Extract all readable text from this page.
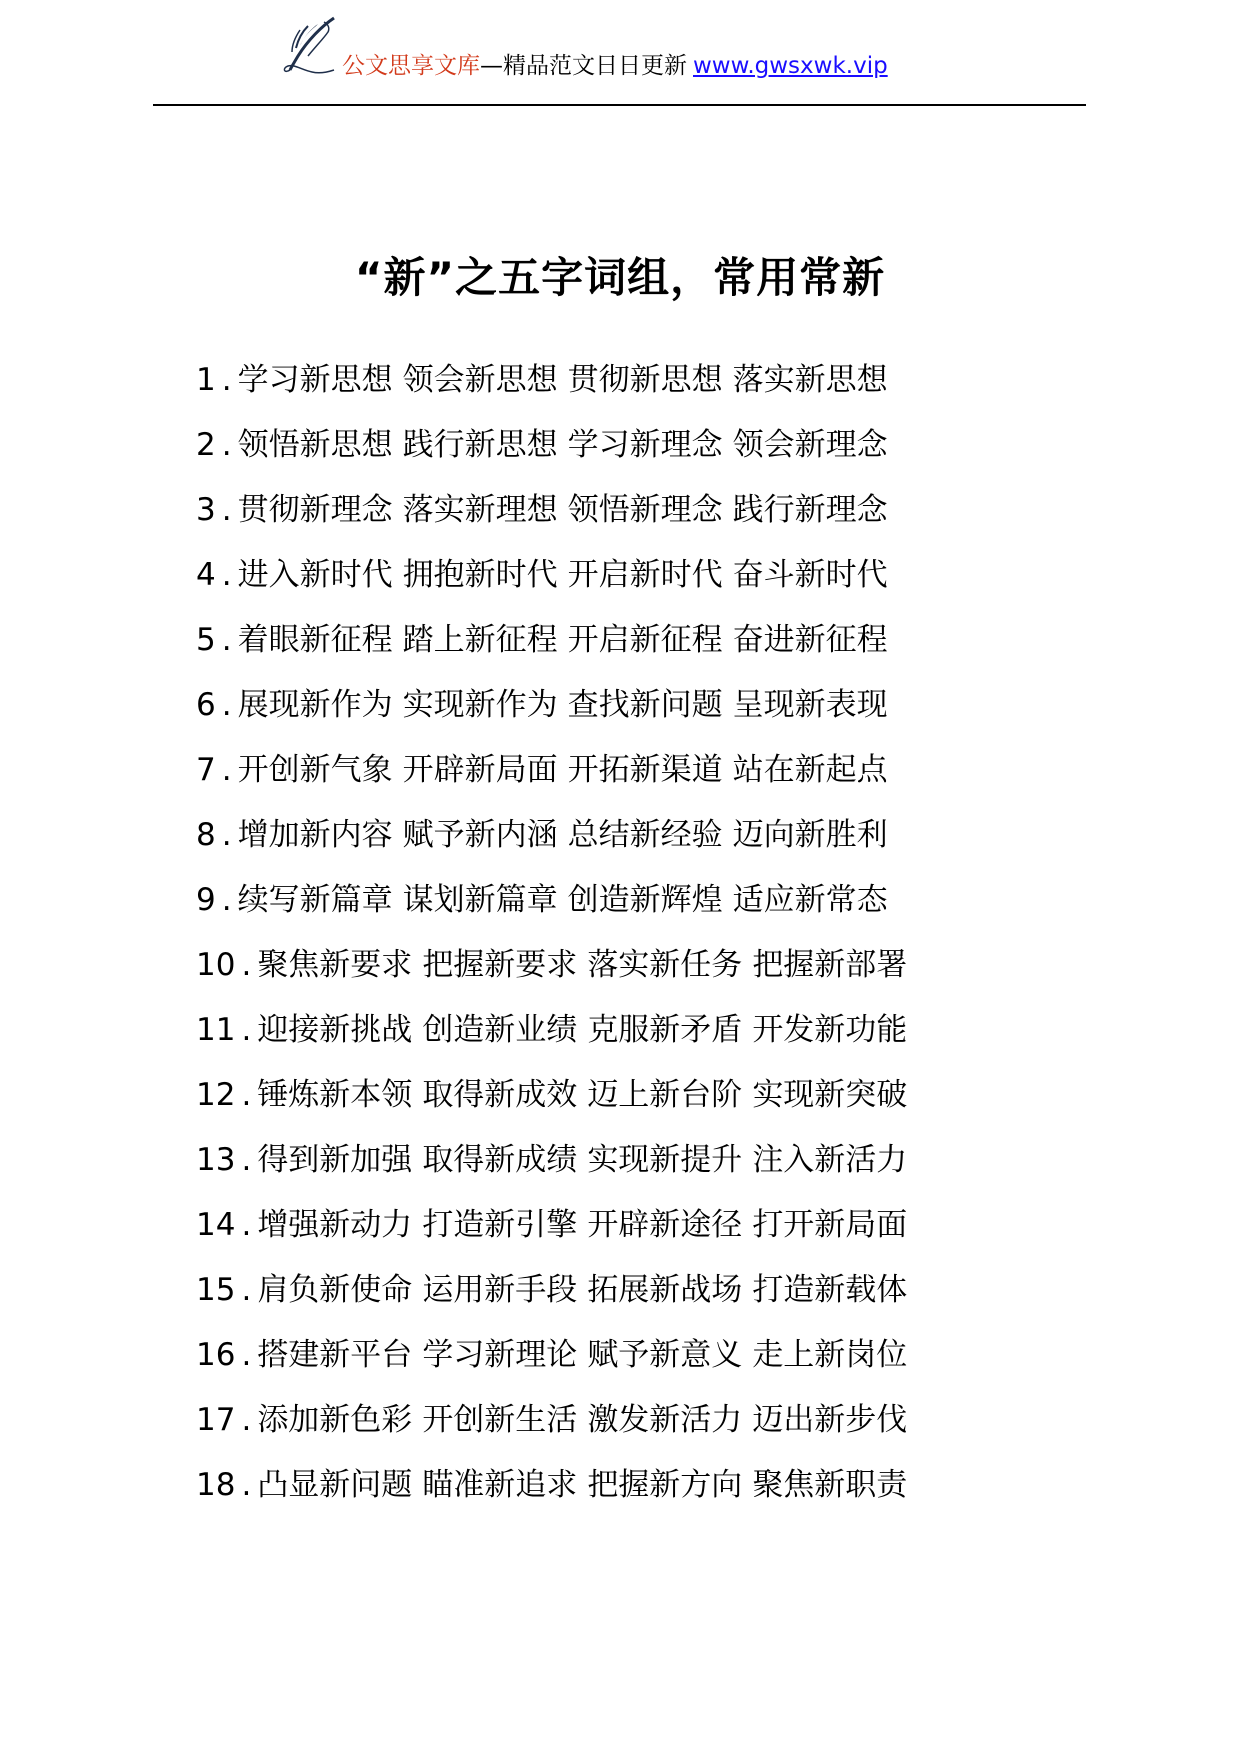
公文思享文库—精品范文日日更新 www.gwsxwk.vip
“新”之五字词组，常用常新
1 . 学习新思想 领会新思想 贯彻新思想 落实新思想
2 . 领悟新思想 践行新思想 学习新理念 领会新理念
3 . 贯彻新理念 落实新理想 领悟新理念 践行新理念
4 . 进入新时代 拥抱新时代 开启新时代 奋斗新时代
5 . 着眼新征程 踏上新征程 开启新征程 奋进新征程
6 . 展现新作为 实现新作为 查找新问题 呈现新表现
7 . 开创新气象 开辟新局面 开拓新渠道 站在新起点
8 . 增加新内容 赋予新内涵 总结新经验 迈向新胜利
9 . 续写新篇章 谋划新篇章 创造新辉煌 适应新常态
10 . 聚焦新要求 把握新要求 落实新任务 把握新部署
11 . 迎接新挑战 创造新业绩 克服新矛盾 开发新功能
12 . 锤炼新本领 取得新成效 迈上新台阶 实现新突破
13 . 得到新加强 取得新成绩 实现新提升 注入新活力
14 . 增强新动力 打造新引擎 开辟新途径 打开新局面
15 . 肩负新使命 运用新手段 拓展新战场 打造新载体
16 . 搭建新平台 学习新理论 赋予新意义 走上新岗位
17 . 添加新色彩 开创新生活 激发新活力 迈出新步伐
18 . 凸显新问题 瞄准新追求 把握新方向 聚焦新职责
